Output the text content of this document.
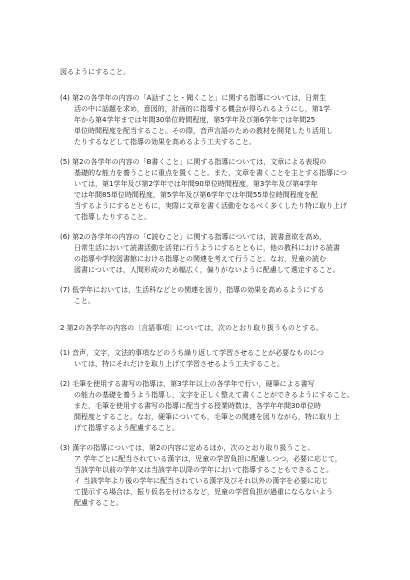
図るようにすること。
(4) 第2の各学年の内容の「A話すこと・聞くこと」に関する指導については，日常生
活の中に話題を求め，意図的，計画的に指導する機会が得られるようにし，第1学
年から第4学年までは年間30単位時間程度，第5学年及び第6学年では年間25
単位時間程度を配当すること。その際，音声言語のための教材を開発したり活用し
たりするなどして指導の効果を高めるよう工夫すること。
(5) 第2の各学年の内容の「B書くこと」に関する指導については，文章による表現の
基礎的な能力を養うことに重点を置くこと。また，文章を書くことを主とする指導につ
いては，第1学年及び第2学年では年間90単位時間程度，第3学年及び第4学年
では年間85単位時間程度，第5学年及び第6学年では年間55単位時間程度を配
当するようにするとともに，実際に文章を書く活動をなるべく多くしたり特に取り上げ
て指導したりすること。
(6) 第2の各学年の内容の「C読むこと」に関する指導については，読書意欲を高め，
日常生活において読書活動を活発に行うようにするとともに，他の教科における読書
の指導や学校図書館における指導との関連を考えて行うこと。なお，児童の読む
図書については，人間形成のため幅広く，偏りがないように配慮して選定すること。
(7) 低学年においては，生活科などとの関連を図り，指導の効果を高めるようにする
こと。
2 第2の各学年の内容の〔言語事項〕については，次のとおり取り扱うものとする。
(1) 音声，文字，文法的事項などのうち繰り返して学習させることが必要なものにつ
いては，特にそれだけを取り上げて学習させるよう工夫すること。
(2) 毛筆を使用する書写の指導は，第3学年以上の各学年で行い，硬筆による書写
の能力の基礎を養うよう指導し，文字を正しく整えて書くことができるようにすること。
また，毛筆を使用する書写の指導に配当する授業時数は，各学年年間30単位時
間程度とすること。なお，硬筆についても，毛筆との関連を図りながら，特に取り上
げて指導するよう配慮すること。
(3) 漢字の指導については，第2の内容に定めるほか，次のとおり取り扱うこと。
ア 学年ごとに配当されている漢字は，児童の学習負担に配慮しつつ，必要に応じて，
当該学年以前の学年又は当該学年以降の学年において指導することもできること。
イ 当該学年より後の学年に配当されている漢字及びそれ以外の漢字を必要に応じ
て提示する場合は，振り仮名を付けるなど，児童の学習負担が過重にならないよう
配慮すること。
